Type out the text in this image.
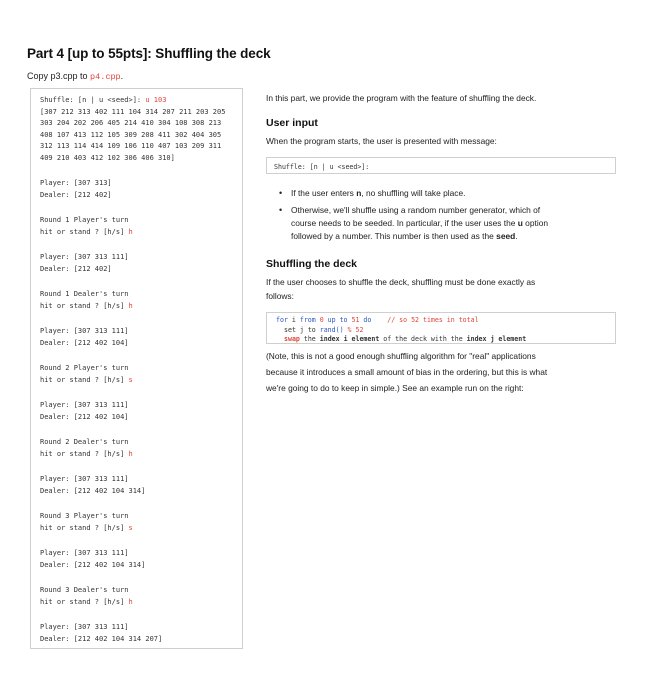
Part 4 [up to 55pts]: Shuffling the deck
Copy p3.cpp to p4.cpp.
Shuffle: [n | u <seed>]: u 103
[307 212 313 402 111 104 314 207 211 203 205
303 204 202 206 405 214 410 304 108 308 213
408 107 413 112 105 309 208 411 302 404 305
312 113 114 414 109 106 110 407 103 209 311
409 210 403 412 102 306 406 310]
Player: [307 313]
Dealer: [212 402]
Round 1 Player's turn
hit or stand ? [h/s] h
Player: [307 313 111]
Dealer: [212 402]
Round 1 Dealer's turn
hit or stand ? [h/s] h
Player: [307 313 111]
Dealer: [212 402 104]
Round 2 Player's turn
hit or stand ? [h/s] s
Player: [307 313 111]
Dealer: [212 402 104]
Round 2 Dealer's turn
hit or stand ? [h/s] h
Player: [307 313 111]
Dealer: [212 402 104 314]
Round 3 Player's turn
hit or stand ? [h/s] s
Player: [307 313 111]
Dealer: [212 402 104 314]
Round 3 Dealer's turn
hit or stand ? [h/s] h
Player: [307 313 111]
Dealer: [212 402 104 314 207]
In this part, we provide the program with the feature of shuffling the deck.
User input
When the program starts, the user is presented with message:
Shuffle: [n | u <seed>]:
• If the user enters n, no shuffling will take place.
• Otherwise, we'll shuffle using a random number generator, which of
course needs to be seeded. In particular, if the user uses the u option
followed by a number. This number is then used as the seed.
Shuffling the deck
If the user chooses to shuffle the deck, shuffling must be done exactly as
follows:
for i from 0 up to 51 do // so 52 times in total
set j to rand() % 52
swap the index i element of the deck with the index j element
(Note, this is not a good enough shuffling algorithm for "real" applications
because it introduces a small amount of bias in the ordering, but this is what
we're going to do to keep in simple.) See an example run on the right:
